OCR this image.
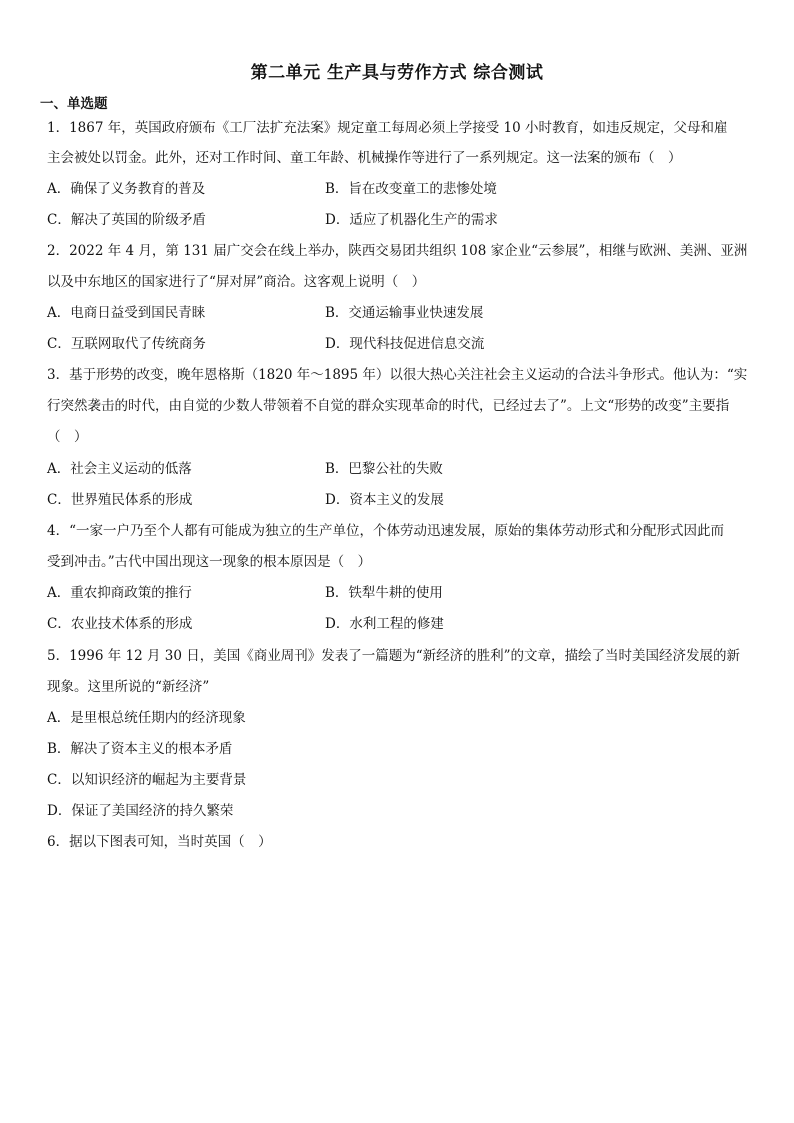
第二单元 生产具与劳作方式 综合测试
一、单选题
1．1867 年，英国政府颁布《工厂法扩充法案》规定童工每周必须上学接受 10 小时教育，如违反规定，父母和雇
主会被处以罚金。此外，还对工作时间、童工年龄、机械操作等进行了一系列规定。这一法案的颁布（　）
A．确保了义务教育的普及	B．旨在改变童工的悲惨处境
C．解决了英国的阶级矛盾	D．适应了机器化生产的需求
2．2022 年 4 月，第 131 届广交会在线上举办，陕西交易团共组织 108 家企业“云参展”，相继与欧洲、美洲、亚洲
以及中东地区的国家进行了“屏对屏”商洽。这客观上说明（　）
A．电商日益受到国民青睐	B．交通运输事业快速发展
C．互联网取代了传统商务	D．现代科技促进信息交流
3．基于形势的改变，晚年恩格斯（1820 年～1895 年）以很大热心关注社会主义运动的合法斗争形式。他认为：“实
行突然袭击的时代，由自觉的少数人带领着不自觉的群众实现革命的时代，已经过去了”。上文“形势的改变”主要指
（　）
A．社会主义运动的低落	B．巴黎公社的失败
C．世界殖民体系的形成	D．资本主义的发展
4．“一家一户乃至个人都有可能成为独立的生产单位，个体劳动迅速发展，原始的集体劳动形式和分配形式因此而
受到冲击。”古代中国出现这一现象的根本原因是（　）
A．重农抑商政策的推行	B．铁犁牛耕的使用
C．农业技术体系的形成	D．水利工程的修建
5．1996 年 12 月 30 日，美国《商业周刊》发表了一篇题为“新经济的胜利”的文章，描绘了当时美国经济发展的新
现象。这里所说的“新经济”
A．是里根总统任期内的经济现象
B．解决了资本主义的根本矛盾
C．以知识经济的崛起为主要背景
D．保证了美国经济的持久繁荣
6．据以下图表可知，当时英国（　）
